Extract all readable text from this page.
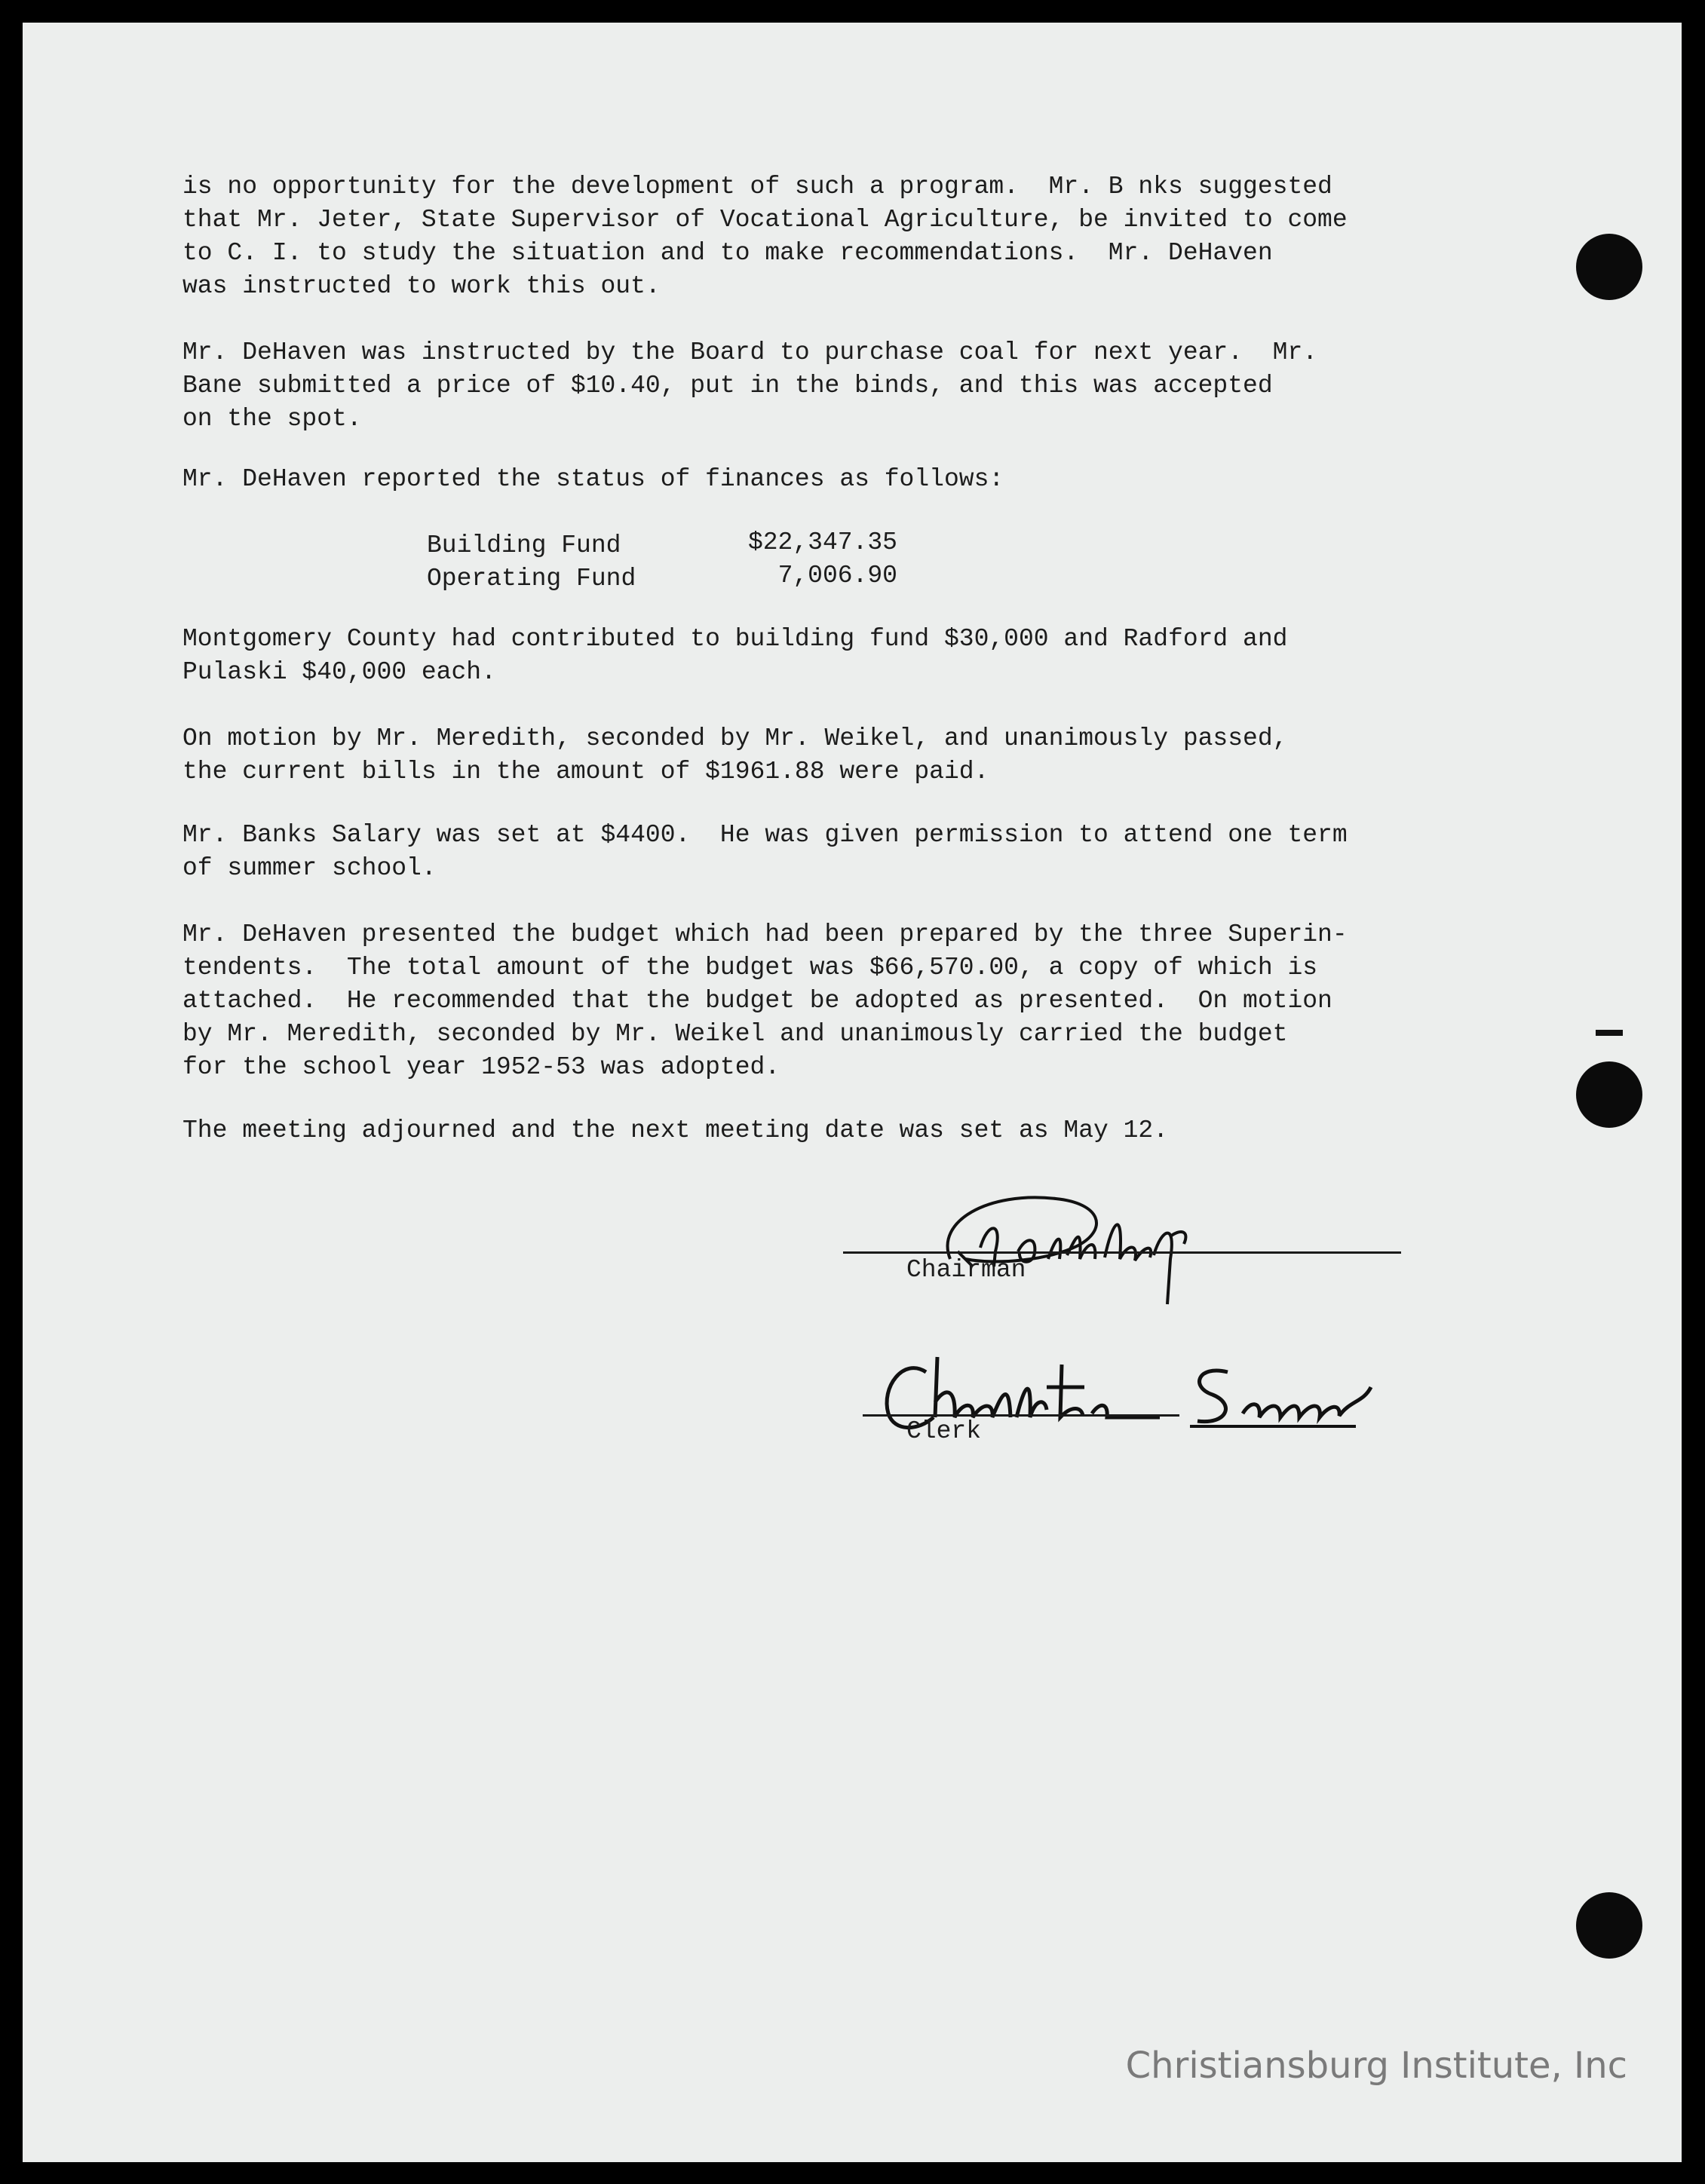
is no opportunity for the development of such a program.  Mr. B nks suggested
that Mr. Jeter, State Supervisor of Vocational Agriculture, be invited to come
to C. I. to study the situation and to make recommendations.  Mr. DeHaven
was instructed to work this out.
Mr. DeHaven was instructed by the Board to purchase coal for next year.  Mr.
Bane submitted a price of $10.40, put in the binds, and this was accepted
on the spot.
Mr. DeHaven reported the status of finances as follows:
Building Fund	$22,347.35
Operating Fund	7,006.90
Montgomery County had contributed to building fund $30,000 and Radford and
Pulaski $40,000 each.
On motion by Mr. Meredith, seconded by Mr. Weikel, and unanimously passed,
the current bills in the amount of $1961.88 were paid.
Mr. Banks Salary was set at $4400.  He was given permission to attend one term
of summer school.
Mr. DeHaven presented the budget which had been prepared by the three Superin-
tendents.  The total amount of the budget was $66,570.00, a copy of which is
attached.  He recommended that the budget be adopted as presented.  On motion
by Mr. Meredith, seconded by Mr. Weikel and unanimously carried the budget
for the school year 1952-53 was adopted.
The meeting adjourned and the next meeting date was set as May 12.

Chairman

Clerk

Christiansburg Institute, Inc
